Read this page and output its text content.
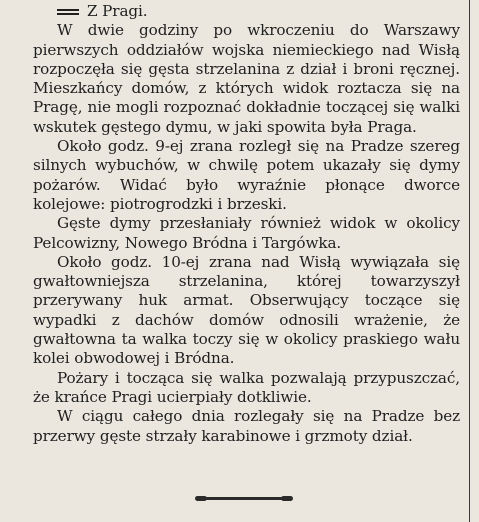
Z Pragi.

W dwie godziny po wkroczeniu do Warszawy pierwszych oddziałów wojska niemieckiego nad Wisłą rozpoczęła się gęsta strzelanina z dział i broni ręcznej. Mieszkańcy domów, z których widok roztacza się na Pragę, nie mogli rozpoznać dokładnie toczącej się walki wskutek gęstego dymu, w jaki spowita była Praga.

Około godz. 9-ej zrana rozległ się na Pradze szereg silnych wybuchów, w chwilę potem ukazały się dymy pożarów. Widać było wyraźnie płonące dworce kolejowe: piotrogrodzki i brzeski.

Gęste dymy przesłaniały również widok w okolicy Pelcowizny, Nowego Bródna i Targówka.

Około godz. 10-ej zrana nad Wisłą wywiązała się gwałtowniejsza strzelanina, której towarzyszył przerywany huk armat. Obserwujący toczące się wypadki z dachów domów odnosili wrażenie, że gwałtowna ta walka toczy się w okolicy praskiego wału kolei obwodowej i Bródna.

Pożary i tocząca się walka pozwalają przypuszczać, że krańce Pragi ucierpiały dotkliwie.

W ciągu całego dnia rozlegały się na Pradze bez przerwy gęste strzały karabinowe i grzmoty dział.
